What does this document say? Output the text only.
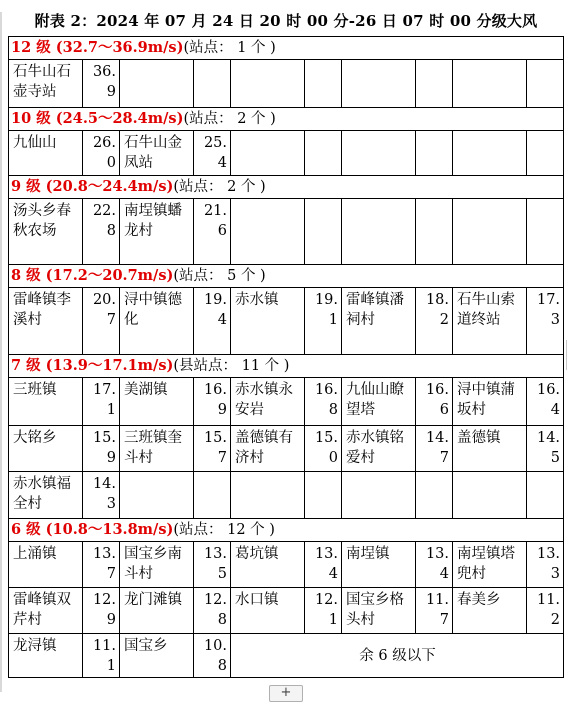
附表 2：2024 年 07 月 24 日 20 时 00 分-26 日 07 时 00 分级大风
12 级 (32.7～36.9m/s)(站点： 1 个 )									
石牛山石壶寺站	36.9								
10 级 (24.5～28.4m/s)(站点： 2 个 )									
九仙山	26.0	石牛山金凤站	25.4						
9 级 (20.8～24.4m/s)(站点： 2 个 )									
汤头乡春秋农场	22.8	南埕镇蟠龙村	21.6						
8 级 (17.2～20.7m/s)(站点： 5 个 )									
雷峰镇李溪村	20.7	浔中镇德化	19.4	赤水镇	19.1	雷峰镇潘祠村	18.2	石牛山索道终站	17.3
7 级 (13.9～17.1m/s)(县站点： 11 个 )									
三班镇	17.1	美湖镇	16.9	赤水镇永安岩	16.8	九仙山瞭望塔	16.6	浔中镇蒲坂村	16.4
大铭乡	15.9	三班镇奎斗村	15.7	盖德镇有济村	15.0	赤水镇铭爱村	14.7	盖德镇	14.5
赤水镇福全村	14.3								
6 级 (10.8～13.8m/s)(站点： 12 个 )									
上涌镇	13.7	国宝乡南斗村	13.5	葛坑镇	13.4	南埕镇	13.4	南埕镇塔兜村	13.3
雷峰镇双芹村	12.9	龙门滩镇	12.8	水口镇	12.1	国宝乡格头村	11.7	春美乡	11.2
龙浔镇	11.1	国宝乡	10.8	余 6 级以下					
+
